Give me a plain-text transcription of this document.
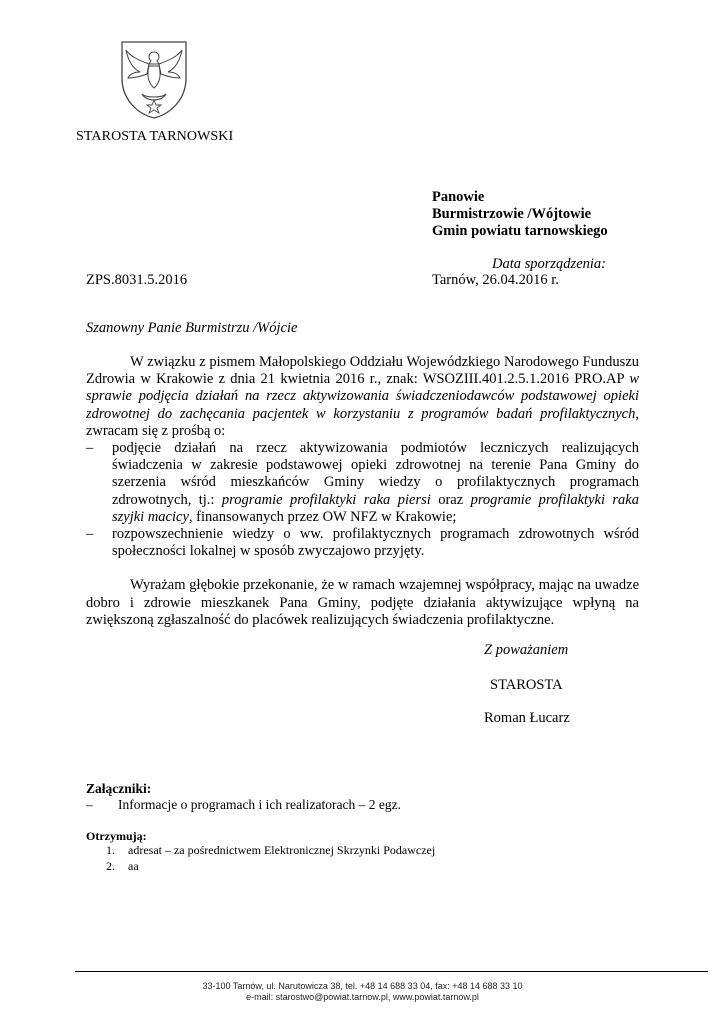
STAROSTA TARNOWSKI
Panowie
Burmistrzowie /Wójtowie
Gmin powiatu tarnowskiego
Data sporządzenia:
ZPS.8031.5.2016	Tarnów, 26.04.2016 r.
Szanowny Panie Burmistrzu /Wójcie

W związku z pismem Małopolskiego Oddziału Wojewódzkiego Narodowego Funduszu Zdrowia w Krakowie z dnia 21 kwietnia 2016 r., znak: WSOZIII.401.2.5.1.2016 PRO.AP w sprawie podjęcia działań na rzecz aktywizowania świadczeniodawców podstawowej opieki zdrowotnej do zachęcania pacjentek w korzystaniu z programów badań profilaktycznych, zwracam się z prośbą o:

– podjęcie działań na rzecz aktywizowania podmiotów leczniczych realizujących świadczenia w zakresie podstawowej opieki zdrowotnej na terenie Pana Gminy do szerzenia wśród mieszkańców Gminy wiedzy o profilaktycznych programach zdrowotnych, tj.: programie profilaktyki raka piersi oraz programie profilaktyki raka szyjki macicy, finansowanych przez OW NFZ w Krakowie;
– rozpowszechnienie wiedzy o ww. profilaktycznych programach zdrowotnych wśród społeczności lokalnej w sposób zwyczajowo przyjęty.

Wyrażam głębokie przekonanie, że w ramach wzajemnej współpracy, mając na uwadze dobro i zdrowie mieszkanek Pana Gminy, podjęte działania aktywizujące wpłyną na zwiększoną zgłaszalność do placówek realizujących świadczenia profilaktyczne.

Z poważaniem
STAROSTA
Roman Łucarz
Załączniki:
– Informacje o programach i ich realizatorach – 2 egz.
Otrzymują:
1. adresat – za pośrednictwem Elektronicznej Skrzynki Podawczej
2. aa
33-100 Tarnów, ul. Narutowicza 38, tel. +48 14 688 33 04, fax: +48 14 688 33 10
e-mail: starostwo@powiat.tarnow.pl, www.powiat.tarnow.pl
